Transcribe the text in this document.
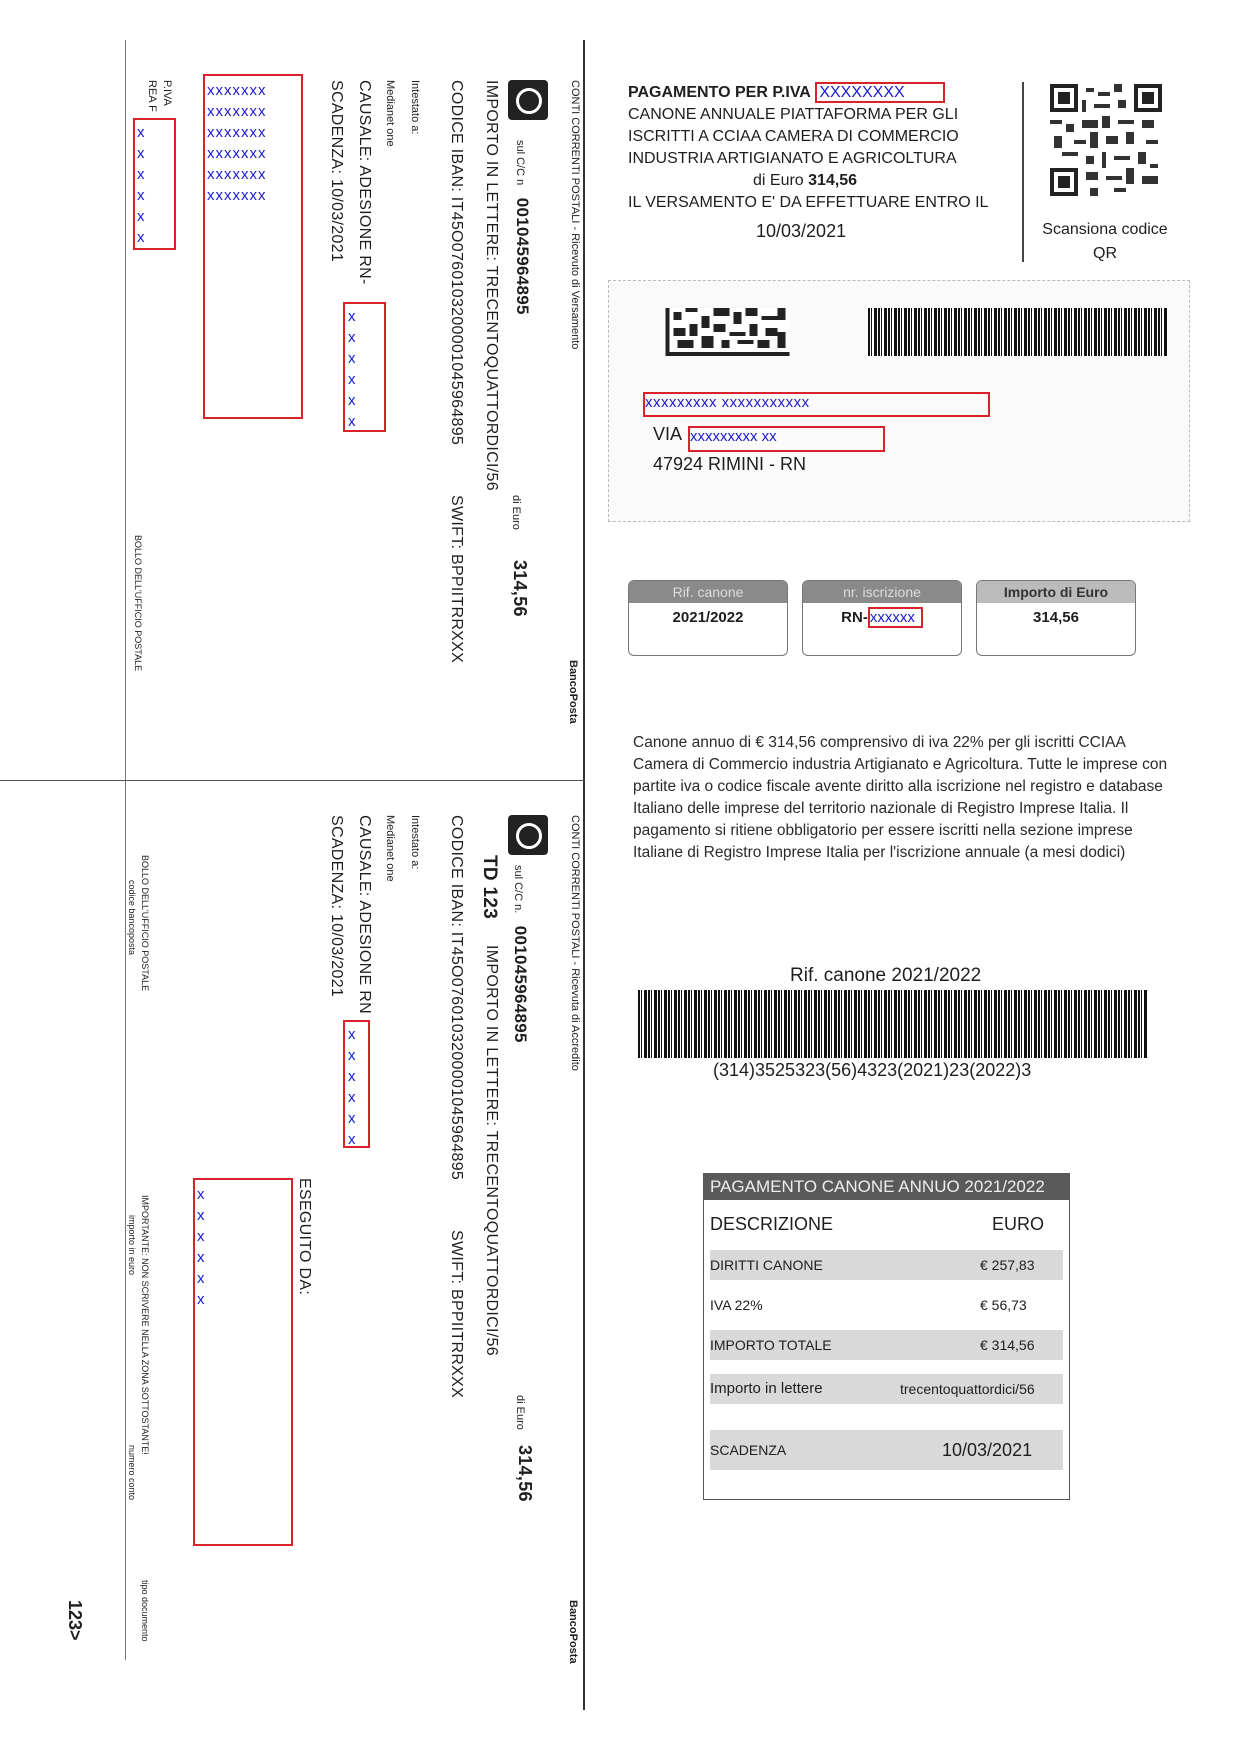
CONTI CORRENTI POSTALI - Ricevuto di Versamento
sul C/C n 001045964895
di Euro
314,56
IMPORTO IN LETTERE: TRECENTOQUATTORDICI/56
CODICE IBAN: IT45O0760103200001045964895
SWIFT: BPPIITRRXXX
Intestato a:
Medianet one
CAUSALE: ADESIONE RN-
SCADENZA: 10/03/2021
P.IVA
REA F
BOLLO DELL'UFFICIO POSTALE
BancoPosta
xxxxxxx
xxxxxxx
xxxxxxx
xxxxxxx
xxxxxxx
xxxxxxx
x
x
x
x
x
x
x
x
x
x
x
x
CONTI CORRENTI POSTALI - Ricevuta di Accredito
TD 123 sul C/C n. 001045964895
IMPORTO IN LETTERE: TRECENTOQUATTORDICI/56
di Euro
314,56
CODICE IBAN: IT45O0760103200001045964895
SWIFT: BPPIITRRXXX
Intestato a:
Medianet one
CAUSALE: ADESIONE RN
SCADENZA: 10/03/2021
ESEGUITO DA:
BOLLO DELL'UFFICIO POSTALE
codice bancoposta
IMPORTANTE: NON SCRIVERE NELLA ZONA SOTTOSTANTE!
importo in euro
numero conto
tipo documento	BancoPosta
123>
x
x
x
x
x
x
x
x
x
x
x
x
PAGAMENTO PER P.IVA XXXXXXXX
CANONE ANNUALE PIATTAFORMA PER GLI
ISCRITTI A CCIAA CAMERA DI COMMERCIO
INDUSTRIA ARTIGIANATO E AGRICOLTURA
di Euro 314,56
IL VERSAMENTO E' DA EFFETTUARE ENTRO IL
10/03/2021	Scansiona codice
QR
xxxxxxxxx xxxxxxxxxxx
VIA xxxxxxxxx xx
47924 RIMINI - RN
Rif. canone
2021/2022
nr. iscrizione
RN- xxxxxx
Importo di Euro
314,56
Canone annuo di € 314,56 comprensivo di iva 22% per gli iscritti CCIAA Camera di Commercio industria Artigianato e Agricoltura. Tutte le imprese con partite iva o codice fiscale avente diritto alla iscrizione nel registro e database Italiano delle imprese del territorio nazionale di Registro Imprese Italia. Il pagamento si ritiene obbligatorio per essere iscritti nella sezione imprese Italiane di Registro Imprese Italia per l'iscrizione annuale (a mesi dodici)
Rif. canone 2021/2022
(314)3525323(56)4323(2021)23(2022)3
PAGAMENTO CANONE ANNUO 2021/2022
DESCRIZIONE	EURO
DIRITTI CANONE	€ 257,83
IVA 22%	€ 56,73
IMPORTO TOTALE	€ 314,56
Importo in lettere	trecentoquattordici/56
SCADENZA	10/03/2021
